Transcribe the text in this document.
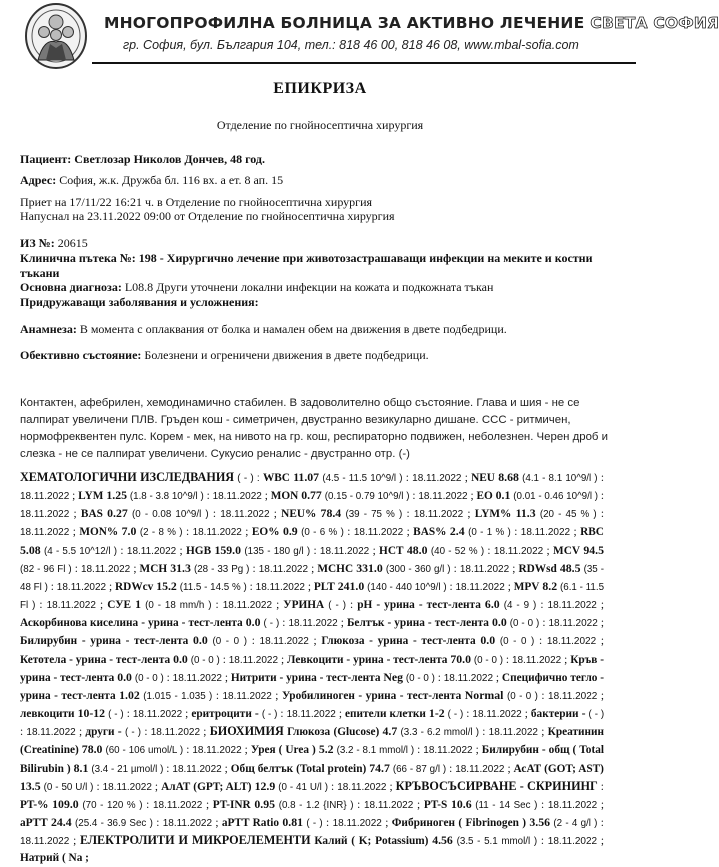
МНОГОПРОФИЛНА БОЛНИЦА ЗА АКТИВНО ЛЕЧЕНИЕ СВЕТА СОФИЯ
гр. София, бул. България 104, тел.: 818 46 00, 818 46 08, www.mbal-sofia.com
ЕПИКРИЗА
Отделение по гнойносептична хирургия
Пациент: Светлозар Николов Дончев, 48 год.
Адрес: София, ж.к. Дружба бл. 116 вх. а ет. 8 ап. 15
Приет на 17/11/22 16:21 ч. в Отделение по гнойносептична хирургия
Напуснал на 23.11.2022 09:00 от Отделение по гнойносептична хирургия
ИЗ №: 20615
Клинична пътека №: 198 - Хирургично лечение при животозастрашаващи инфекции на меките и костни
тъкани
Основна диагноза: L08.8 Други уточнени локални инфекции на кожата и подкожната тъкан
Придружаващи заболявания и усложнения:
Анамнеза: В момента с оплаквания от болка и намален обем на движения в двете подбедрици.
Обективно състояние: Болезнени и огреничени движения в двете подбедрици.
Контактен, афебрилен, хемодинамично стабилен. В задоволително общо състояние. Глава и шия - не се палпират увеличени ПЛВ. Гръден кош - симетричен, двустранно везикуларно дишане. ССС - ритмичен, нормофреквентен пулс. Корем - мек, на нивото на гр. кош, респираторно подвижен, неболезнен. Черен дроб и слезка - не се палпират увеличени. Сукусио реналис - двустранно отр. (-)
ХЕМАТОЛОГИЧНИ ИЗСЛЕДВАНИЯ ( - ) : WBC 11.07 (4.5 - 11.5 10^9/l ) : 18.11.2022 ; NEU 8.68 (4.1 - 8.1 10^9/l ) : 18.11.2022 ; LYM 1.25 (1.8 - 3.8 10^9/l ) : 18.11.2022 ; MON 0.77 (0.15 - 0.79 10^9/l ) : 18.11.2022 ; EO 0.1 (0.01 - 0.46 10^9/l ) : 18.11.2022 ; BAS 0.27 (0 - 0.08 10^9/l ) : 18.11.2022 ; NEU% 78.4 (39 - 75 % ) : 18.11.2022 ; LYM% 11.3 (20 - 45 % ) : 18.11.2022 ; MON% 7.0 (2 - 8 % ) : 18.11.2022 ; EO% 0.9 (0 - 6 % ) : 18.11.2022 ; BAS% 2.4 (0 - 1 % ) : 18.11.2022 ; RBC 5.08 (4 - 5.5 10^12/l ) : 18.11.2022 ; HGB 159.0 (135 - 180 g/l ) : 18.11.2022 ; HCT 48.0 (40 - 52 % ) : 18.11.2022 ; MCV 94.5 (82 - 96 Fl ) : 18.11.2022 ; MCH 31.3 (28 - 33 Pg ) : 18.11.2022 ; MCHC 331.0 (300 - 360 g/l ) : 18.11.2022 ; RDWsd 48.5 (35 - 48 Fl ) : 18.11.2022 ; RDWcv 15.2 (11.5 - 14.5 % ) : 18.11.2022 ; PLT 241.0 (140 - 440 10^9/l ) : 18.11.2022 ; MPV 8.2 (6.1 - 11.5 Fl ) : 18.11.2022 ; СУЕ 1 (0 - 18 mm/h ) : 18.11.2022 ; УРИНА ( - ) : pH - урина - тест-лента 6.0 (4 - 9 ) : 18.11.2022 ; Аскорбинова киселина - урина - тест-лента 0.0 ( - ) : 18.11.2022 ; Белтък - урина - тест-лента 0.0 (0 - 0 ) : 18.11.2022 ; Билирубин - урина - тест-лента 0.0 (0 - 0 ) : 18.11.2022 ; Глюкоза - урина - тест-лента 0.0 (0 - 0 ) : 18.11.2022 ; Кетотела - урина - тест-лента 0.0 (0 - 0 ) : 18.11.2022 ; Левкоцити - урина - тест-лента 70.0 (0 - 0 ) : 18.11.2022 ; Кръв - урина - тест-лента 0.0 (0 - 0 ) : 18.11.2022 ; Нитрити - урина - тест-лента Neg (0 - 0 ) : 18.11.2022 ; Специфично тегло - урина - тест-лента 1.02 (1.015 - 1.035 ) : 18.11.2022 ; Уробилиноген - урина - тест-лента Normal (0 - 0 ) : 18.11.2022 ; левкоцити 10-12 ( - ) : 18.11.2022 ; еритроцити - ( - ) : 18.11.2022 ; епители клетки 1-2 ( - ) : 18.11.2022 ; бактерии - ( - ) : 18.11.2022 ; други - ( - ) : 18.11.2022 ; БИОХИМИЯ Глюкоза (Glucose) 4.7 (3.3 - 6.2 mmol/l ) : 18.11.2022 ; Креатинин (Creatinine) 78.0 (60 - 106 umol/L ) : 18.11.2022 ; Урея ( Urea ) 5.2 (3.2 - 8.1 mmol/l ) : 18.11.2022 ; Билирубин - общ ( Total Bilirubin ) 8.1 (3.4 - 21 µmol/l ) : 18.11.2022 ; Общ белтък (Total protein) 74.7 (66 - 87 g/l ) : 18.11.2022 ; АсАТ (GOT; AST) 13.5 (0 - 50 U/l ) : 18.11.2022 ; АлАТ (GPT; ALT) 12.9 (0 - 41 U/l ) : 18.11.2022 ; КРЪВОСЪСИРВАНЕ - СКРИНИНГ : PT-% 109.0 (70 - 120 % ) : 18.11.2022 ; PT-INR 0.95 (0.8 - 1.2 {INR} ) : 18.11.2022 ; PT-S 10.6 (11 - 14 Sec ) : 18.11.2022 ; aPTT 24.4 (25.4 - 36.9 Sec ) : 18.11.2022 ; aPTT Ratio 0.81 ( - ) : 18.11.2022 ; Фибриноген ( Fibrinogen ) 3.56 (2 - 4 g/l ) : 18.11.2022 ; ЕЛЕКТРОЛИТИ И МИКРОЕЛЕМЕНТИ Калий ( K; Potassium) 4.56 (3.5 - 5.1 mmol/l ) : 18.11.2022 ; Натрий ( Na ;
